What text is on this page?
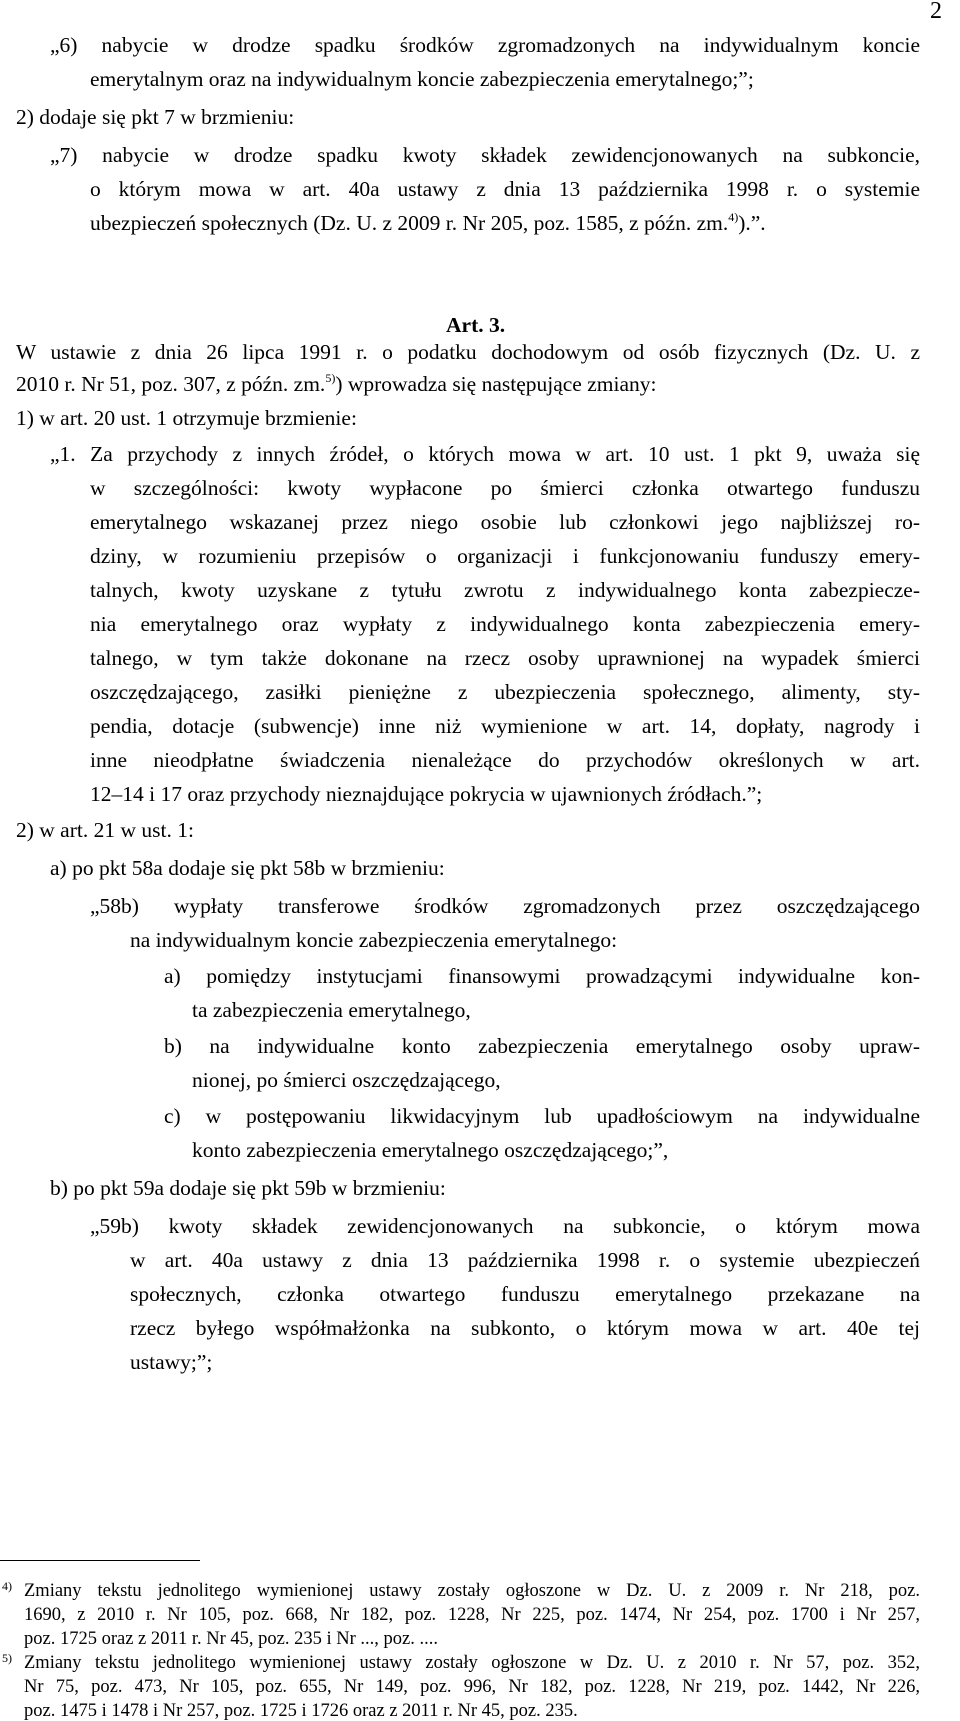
2
„6) nabycie w drodze spadku środków zgromadzonych na indywidualnym koncie
emerytalnym oraz na indywidualnym koncie zabezpieczenia emerytalnego;”;
2) dodaje się pkt 7 w brzmieniu:
„7) nabycie w drodze spadku kwoty składek zewidencjonowanych na subkoncie,
o którym mowa w art. 40a ustawy z dnia 13 października 1998 r. o systemie
ubezpieczeń społecznych (Dz. U. z 2009 r. Nr 205, poz. 1585, z późn. zm.$^{4)}$).”.
Art. 3.
W ustawie z dnia 26 lipca 1991 r. o podatku dochodowym od osób fizycznych (Dz. U. z
2010 r. Nr 51, poz. 307, z późn. zm.$^{5)}$) wprowadza się następujące zmiany:
1) w art. 20 ust. 1 otrzymuje brzmienie:
„1. Za przychody z innych źródeł, o których mowa w art. 10 ust. 1 pkt 9, uważa się
w szczególności: kwoty wypłacone po śmierci członka otwartego funduszu
emerytalnego wskazanej przez niego osobie lub członkowi jego najbliższej ro-
dziny, w rozumieniu przepisów o organizacji i funkcjonowaniu funduszy emery-
talnych, kwoty uzyskane z tytułu zwrotu z indywidualnego konta zabezpiecze-
nia emerytalnego oraz wypłaty z indywidualnego konta zabezpieczenia emery-
talnego, w tym także dokonane na rzecz osoby uprawnionej na wypadek śmierci
oszczędzającego, zasiłki pieniężne z ubezpieczenia społecznego, alimenty, sty-
pendia, dotacje (subwencje) inne niż wymienione w art. 14, dopłaty, nagrody i
inne nieodpłatne świadczenia nienależące do przychodów określonych w art.
12–14 i 17 oraz przychody nieznajdujące pokrycia w ujawnionych źródłach.”;
2) w art. 21 w ust. 1:
a) po pkt 58a dodaje się pkt 58b w brzmieniu:
„58b) wypłaty transferowe środków zgromadzonych przez oszczędzającego
na indywidualnym koncie zabezpieczenia emerytalnego:
a) pomiędzy instytucjami finansowymi prowadzącymi indywidualne kon-
ta zabezpieczenia emerytalnego,
b) na indywidualne konto zabezpieczenia emerytalnego osoby upraw-
nionej, po śmierci oszczędzającego,
c) w postępowaniu likwidacyjnym lub upadłościowym na indywidualne
konto zabezpieczenia emerytalnego oszczędzającego;”,
b) po pkt 59a dodaje się pkt 59b w brzmieniu:
„59b) kwoty składek zewidencjonowanych na subkoncie, o którym mowa
w art. 40a ustawy z dnia 13 października 1998 r. o systemie ubezpieczeń
społecznych, członka otwartego funduszu emerytalnego przekazane na
rzecz byłego współmałżonka na subkonto, o którym mowa w art. 40e tej
ustawy;”;
4) Zmiany tekstu jednolitego wymienionej ustawy zostały ogłoszone w Dz. U. z 2009 r. Nr 218, poz.
1690, z 2010 r. Nr 105, poz. 668, Nr 182, poz. 1228, Nr 225, poz. 1474, Nr 254, poz. 1700 i Nr 257,
poz. 1725 oraz z 2011 r. Nr 45, poz. 235 i Nr ..., poz. ....
5) Zmiany tekstu jednolitego wymienionej ustawy zostały ogłoszone w Dz. U. z 2010 r. Nr 57, poz. 352,
Nr 75, poz. 473, Nr 105, poz. 655, Nr 149, poz. 996, Nr 182, poz. 1228, Nr 219, poz. 1442, Nr 226,
poz. 1475 i 1478 i Nr 257, poz. 1725 i 1726 oraz z 2011 r. Nr 45, poz. 235.
